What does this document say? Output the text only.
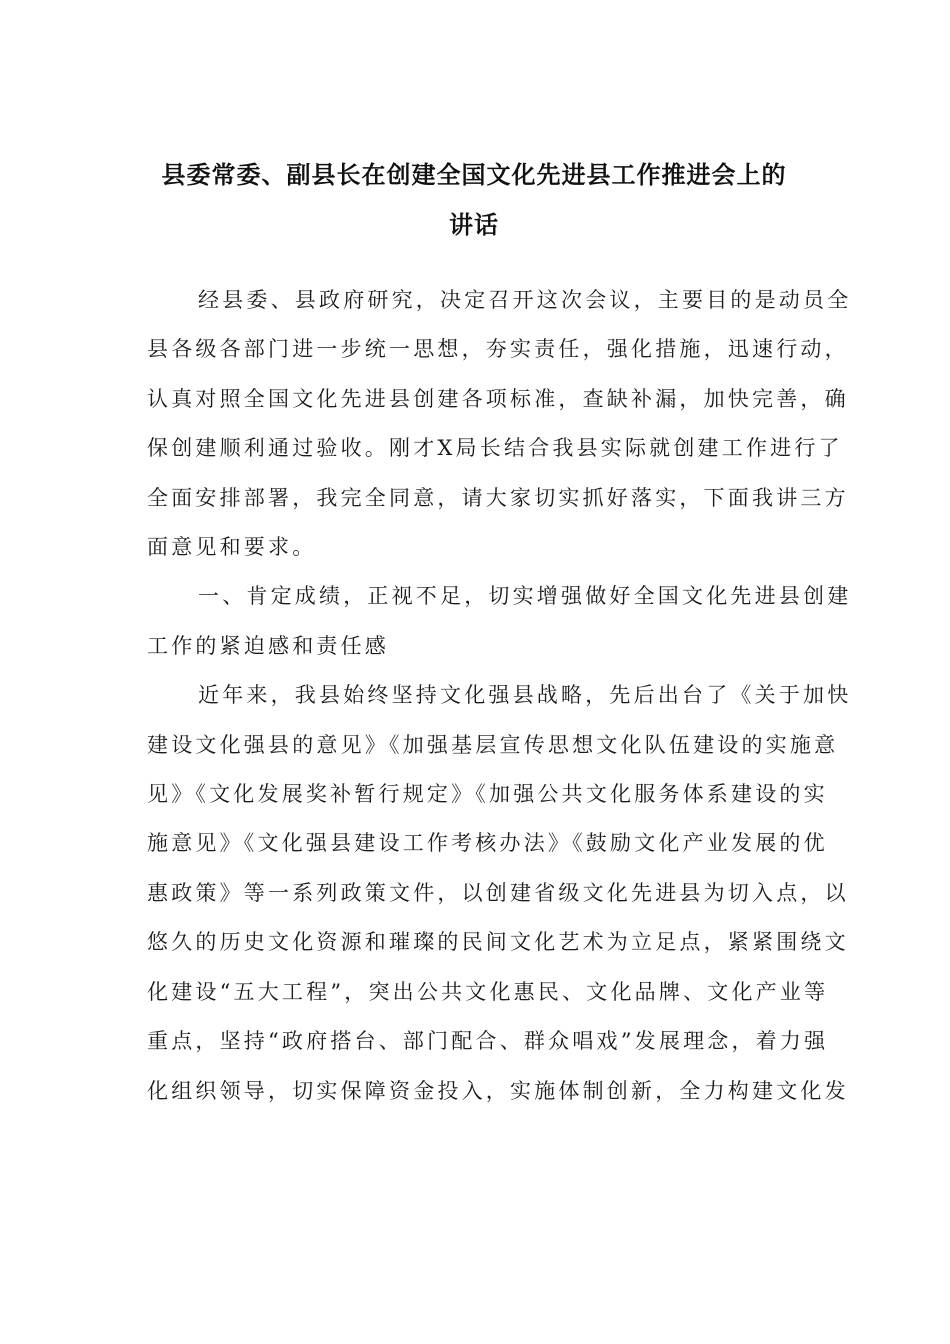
县委常委、副县长在创建全国文化先进县工作推进会上的
讲话

经县委、县政府研究，决定召开这次会议，主要目的是动员全
县各级各部门进一步统一思想，夯实责任，强化措施，迅速行动，
认真对照全国文化先进县创建各项标准，查缺补漏，加快完善，确
保创建顺利通过验收。刚才X局长结合我县实际就创建工作进行了
全面安排部署，我完全同意，请大家切实抓好落实，下面我讲三方
面意见和要求。

一、肯定成绩，正视不足，切实增强做好全国文化先进县创建
工作的紧迫感和责任感

近年来，我县始终坚持文化强县战略，先后出台了《关于加快
建设文化强县的意见》《加强基层宣传思想文化队伍建设的实施意
见》《文化发展奖补暂行规定》《加强公共文化服务体系建设的实
施意见》《文化强县建设工作考核办法》《鼓励文化产业发展的优
惠政策》等一系列政策文件，以创建省级文化先进县为切入点，以
悠久的历史文化资源和璀璨的民间文化艺术为立足点，紧紧围绕文
化建设“五大工程”，突出公共文化惠民、文化品牌、文化产业等
重点，坚持“政府搭台、部门配合、群众唱戏”发展理念，着力强
化组织领导，切实保障资金投入，实施体制创新，全力构建文化发
